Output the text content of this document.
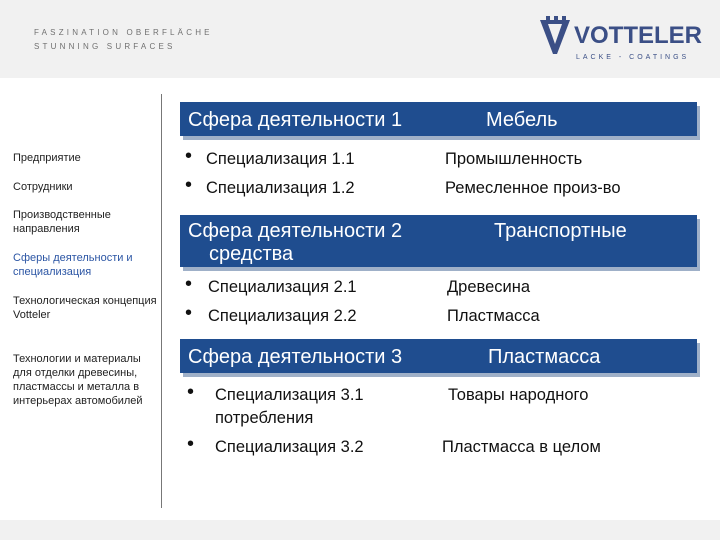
FASZINATION OBERFLÄCHE
STUNNING SURFACES	VOTTELER
LACKE - COATINGS
Предприятие
Сотрудники
Производственные направления
Сферы деятельности и специализация
Технологическая концепция Votteler
Технологии и материалы для отделки древесины, пластмассы и металла в интерьерах автомобилей
Сфера деятельности 1	Мебель
• Специализация 1.1	Промышленность
• Специализация 1.2	Ремесленное произ-во
Сфера деятельности 2	Транспортные
средства
• Специализация 2.1	Древесина
• Специализация 2.2	Пластмасса
Сфера деятельности 3	Пластмасса
• Специализация 3.1	Товары народного
потребления
• Специализация 3.2	Пластмасса в целом
